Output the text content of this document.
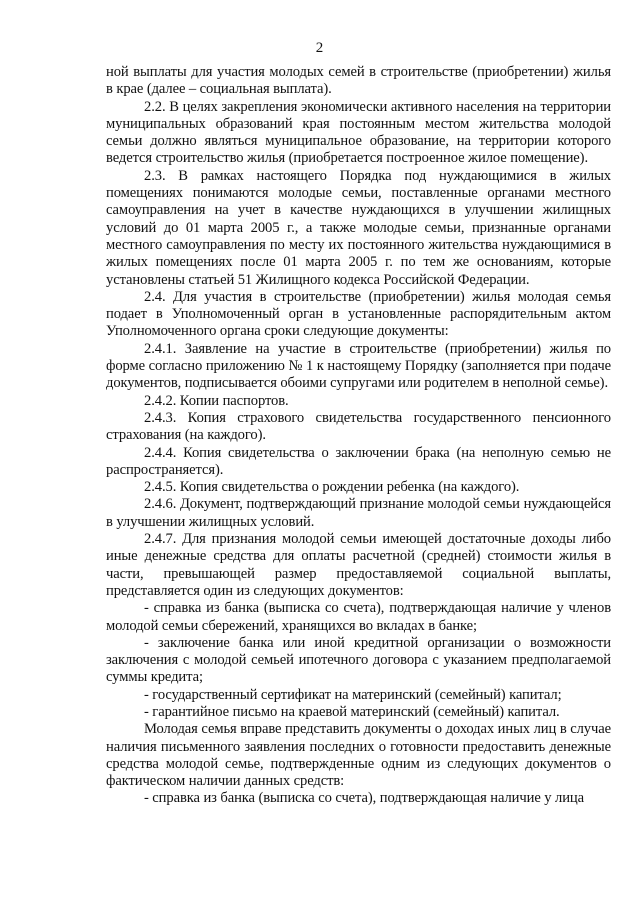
2

ной выплаты для участия молодых семей в строительстве (приобретении) жилья в крае (далее – социальная выплата).

2.2. В целях закрепления экономически активного населения на территории муниципальных образований края постоянным местом жительства молодой семьи должно являться муниципальное образование, на территории которого ведется строительство жилья (приобретается построенное жилое помещение).

2.3. В рамках настоящего Порядка под нуждающимися в жилых помещениях понимаются молодые семьи, поставленные органами местного самоуправления на учет в качестве нуждающихся в улучшении жилищных условий до 01 марта 2005 г., а также молодые семьи, признанные органами местного самоуправления по месту их постоянного жительства нуждающимися в жилых помещениях после 01 марта 2005 г. по тем же основаниям, которые установлены статьей 51 Жилищного кодекса Российской Федерации.

2.4. Для участия в строительстве (приобретении) жилья молодая семья подает в Уполномоченный орган в установленные распорядительным актом Уполномоченного органа сроки следующие документы:

2.4.1. Заявление на участие в строительстве (приобретении) жилья по форме согласно приложению № 1 к настоящему Порядку (заполняется при подаче документов, подписывается обоими супругами или родителем в неполной семье).

2.4.2. Копии паспортов.

2.4.3. Копия страхового свидетельства государственного пенсионного страхования (на каждого).

2.4.4. Копия свидетельства о заключении брака (на неполную семью не распространяется).

2.4.5. Копия свидетельства о рождении ребенка (на каждого).

2.4.6. Документ, подтверждающий признание молодой семьи нуждающейся в улучшении жилищных условий.

2.4.7. Для признания молодой семьи имеющей достаточные доходы либо иные денежные средства для оплаты расчетной (средней) стоимости жилья в части, превышающей размер предоставляемой социальной выплаты, представляется один из следующих документов:

- справка из банка (выписка со счета), подтверждающая наличие у членов молодой семьи сбережений, хранящихся во вкладах в банке;

- заключение банка или иной кредитной организации о возможности заключения с молодой семьей ипотечного договора с указанием предполагаемой суммы кредита;

- государственный сертификат на материнский (семейный) капитал;

- гарантийное письмо на краевой материнский (семейный) капитал.

Молодая семья вправе представить документы о доходах иных лиц в случае наличия письменного заявления последних о готовности предоставить денежные средства молодой семье, подтвержденные одним из следующих документов о фактическом наличии данных средств:

- справка из банка (выписка со счета), подтверждающая наличие у лица
